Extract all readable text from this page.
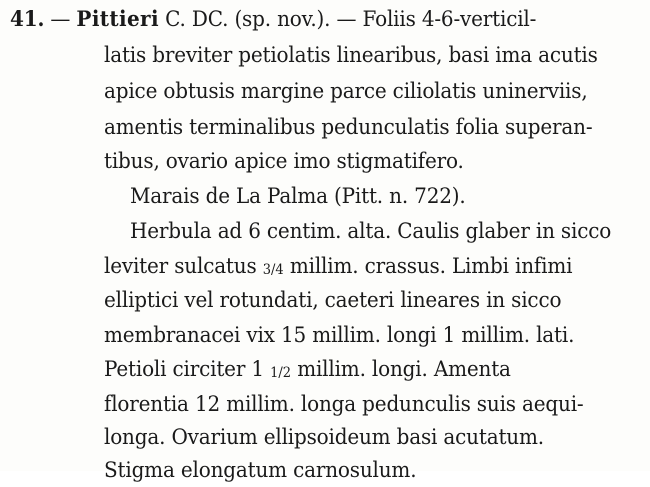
41. — Pittieri C. DC. (sp. nov.). — Foliis 4-6-verticil-
latis breviter petiolatis linearibus, basi ima acutis
apice obtusis margine parce ciliolatis uninerviis,
amentis terminalibus pedunculatis folia superan-
tibus, ovario apice imo stigmatifero.
Marais de La Palma (Pitt. n. 722).
Herbula ad 6 centim. alta. Caulis glaber in sicco
leviter sulcatus 3/4 millim. crassus. Limbi infimi
elliptici vel rotundati, caeteri lineares in sicco
membranacei vix 15 millim. longi 1 millim. lati.
Petioli circiter 1 1/2 millim. longi. Amenta
florentia 12 millim. longa pedunculis suis aequi-
longa. Ovarium ellipsoideum basi acutatum.
Stigma elongatum carnosulum.
